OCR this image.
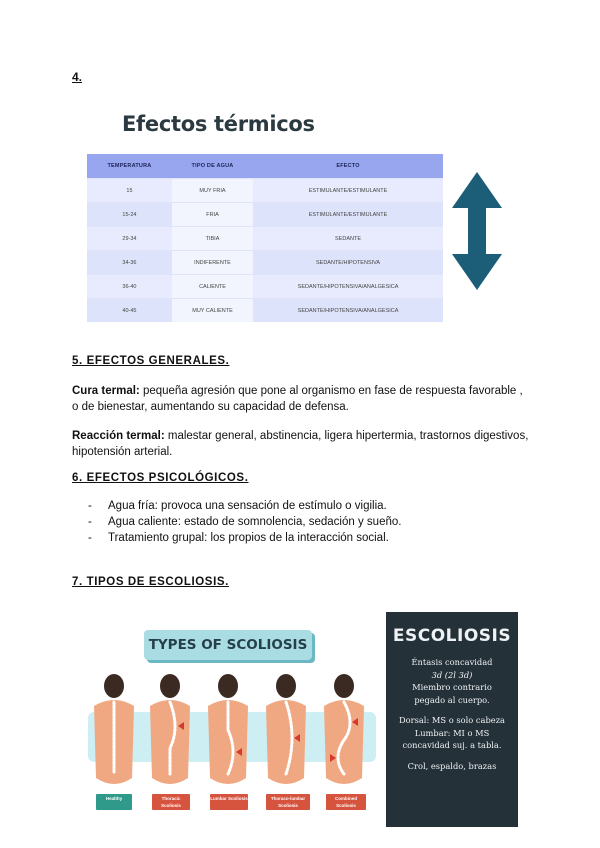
4.
Efectos térmicos
TEMPERATURA	TIPO DE AGUA	EFECTO
15	MUY FRIA	ESTIMULANTE/ESTIMULANTE
15-24	FRIA	ESTIMULANTE/ESTIMULANTE
29-34	TIBIA	SEDANTE
34-36	INDIFERENTE	SEDANTE/HIPOTENSIVA
36-40	CALIENTE	SEDANTE/HIPOTENSIVA/ANALGESICA
40-45	MUY CALIENTE	SEDANTE/HIPOTENSIVA/ANALGESICA
5. EFECTOS GENERALES.
Cura termal: pequeña agresión que pone al organismo en fase de respuesta favorable , o de bienestar, aumentando su capacidad de defensa.
Reacción termal: malestar general, abstinencia, ligera hipertermia, trastornos digestivos, hipotensión arterial.
6. EFECTOS PSICOLÓGICOS.
- Agua fría: provoca una sensación de estímulo o vigilia.
- Agua caliente: estado de somnolencia, sedación y sueño.
- Tratamiento grupal: los propios de la interacción social.
7. TIPOS DE ESCOLIOSIS.
TYPES OF SCOLIOSIS
Healthy	Thoracic Scoliosis
Lumbar Scoliosis	Thoraco-lumbar Scoliosis
Combined Scoliosis
ESCOLIOSIS
Éntasis concavidad
3d (2l 3d)
Miembro contrario
pegado al cuerpo.
Dorsal: MS o solo cabeza
Lumbar: MI o MS
concavidad suj. a tabla.
Crol, espaldo, brazas
